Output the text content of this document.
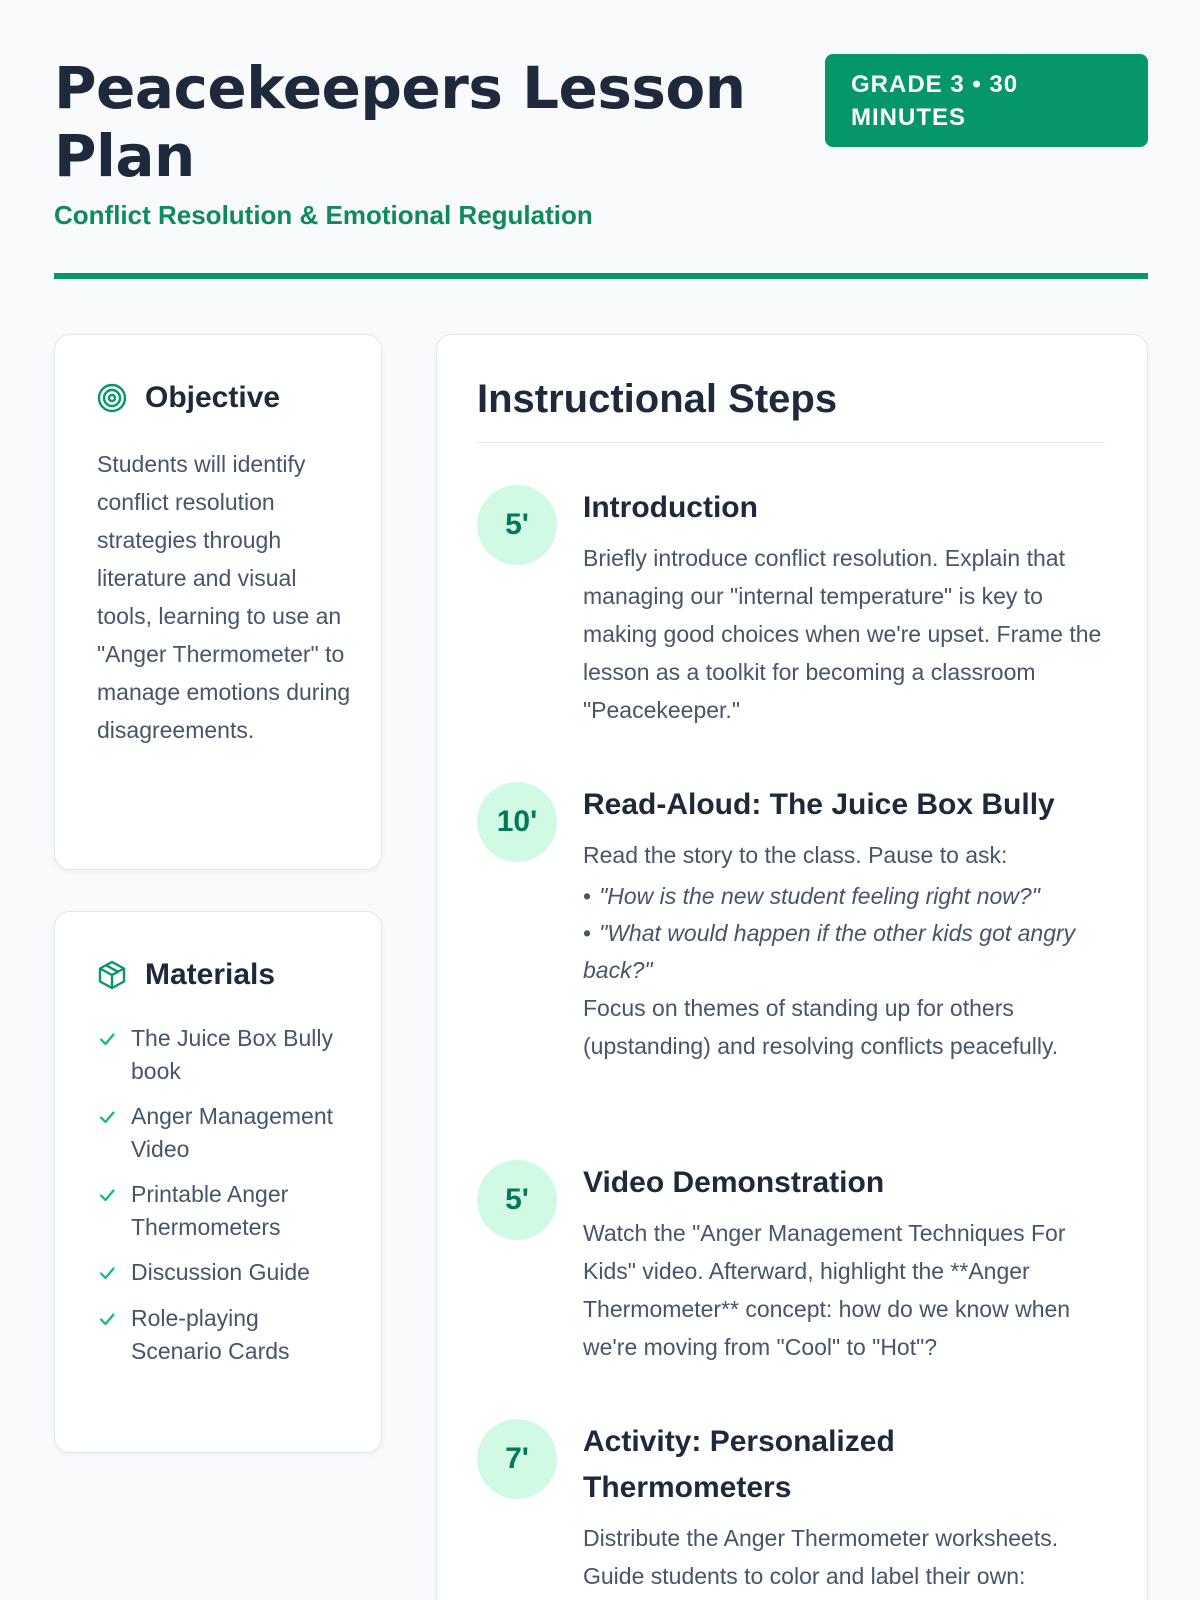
Peacekeepers Lesson Plan
Conflict Resolution & Emotional Regulation
GRADE 3 • 30 MINUTES
Objective

Students will identify conflict resolution strategies through literature and visual tools, learning to use an "Anger Thermometer" to manage emotions during disagreements.

Materials
The Juice Box Bully book
Anger Management Video
Printable Anger Thermometers
Discussion Guide
Role-playing Scenario Cards
Instructional Steps
5'
Introduction

Briefly introduce conflict resolution. Explain that managing our "internal temperature" is key to making good choices when we're upset. Frame the lesson as a toolkit for becoming a classroom "Peacekeeper."

10'
Read-Aloud: The Juice Box Bully

Read the story to the class. Pause to ask:

• "How is the new student feeling right now?"
• "What would happen if the other kids got angry back?"

Focus on themes of standing up for others (upstanding) and resolving conflicts peacefully.

5'
Video Demonstration

Watch the "Anger Management Techniques For Kids" video. Afterward, highlight the **Anger Thermometer** concept: how do we know when we're moving from "Cool" to "Hot"?

7'
Activity: Personalized Thermometers

Distribute the Anger Thermometer worksheets. Guide students to color and label their own:
